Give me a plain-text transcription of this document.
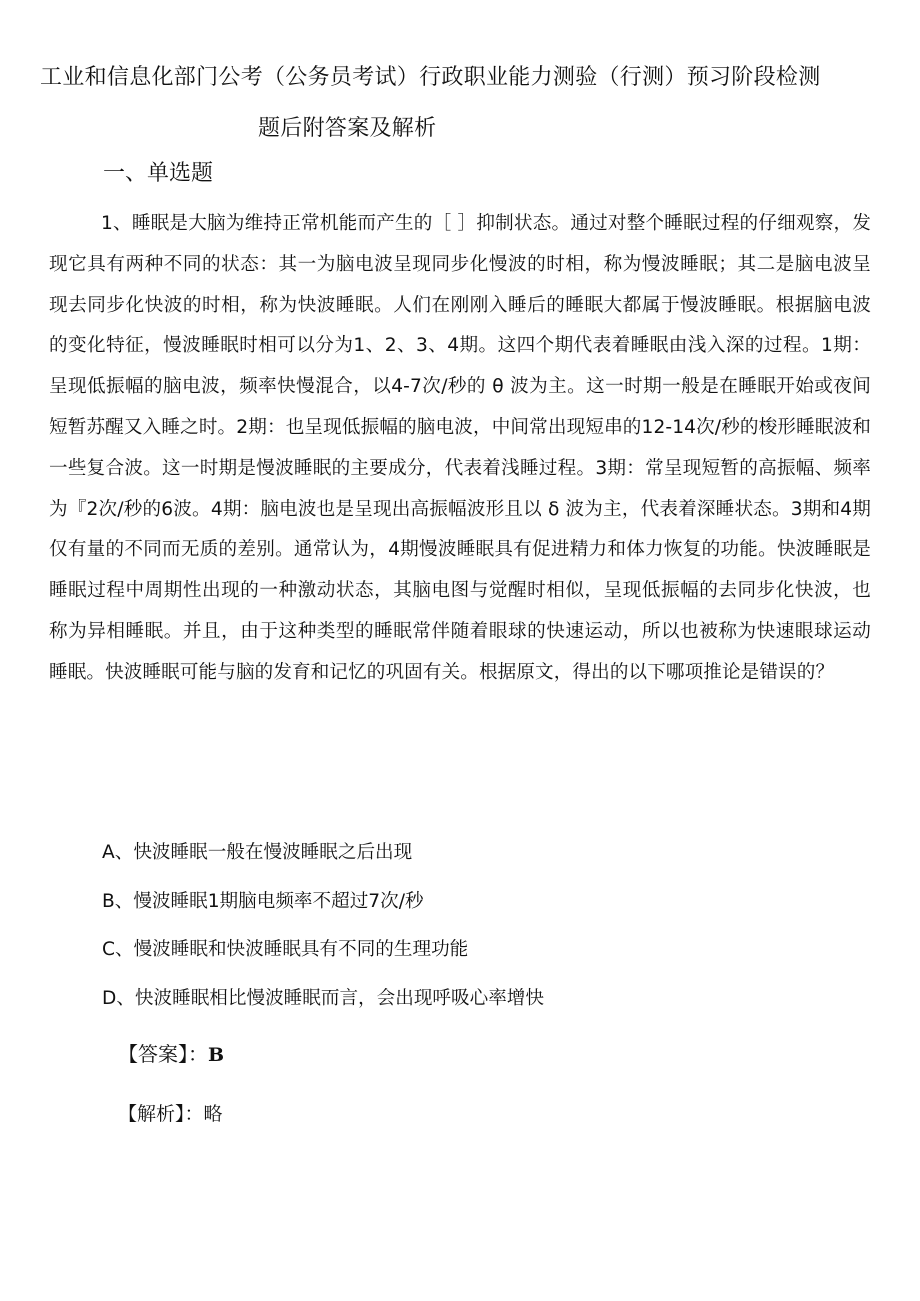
工业和信息化部门公考（公务员考试）行政职业能力测验（行测）预习阶段检测
题后附答案及解析
一、单选题

1、睡眠是大脑为维持正常机能而产生的［ ］抑制状态。通过对整个睡眠过程的仔细观察，发现它具有两种不同的状态：其一为脑电波呈现同步化慢波的时相，称为慢波睡眠；其二是脑电波呈现去同步化快波的时相，称为快波睡眠。人们在刚刚入睡后的睡眠大都属于慢波睡眠。根据脑电波的变化特征，慢波睡眠时相可以分为1、2、3、4期。这四个期代表着睡眠由浅入深的过程。1期：呈现低振幅的脑电波，频率快慢混合，以4-7次/秒的 θ 波为主。这一时期一般是在睡眠开始或夜间短暂苏醒又入睡之时。2期：也呈现低振幅的脑电波，中间常出现短串的12-14次/秒的梭形睡眠波和一些复合波。这一时期是慢波睡眠的主要成分，代表着浅睡过程。3期：常呈现短暂的高振幅、频率为『2次/秒的6波。4期：脑电波也是呈现出高振幅波形且以 δ 波为主，代表着深睡状态。3期和4期仅有量的不同而无质的差别。通常认为，4期慢波睡眠具有促进精力和体力恢复的功能。快波睡眠是睡眠过程中周期性出现的一种激动状态，其脑电图与觉醒时相似，呈现低振幅的去同步化快波，也称为异相睡眠。并且，由于这种类型的睡眠常伴随着眼球的快速运动，所以也被称为快速眼球运动睡眠。快波睡眠可能与脑的发育和记忆的巩固有关。根据原文，得出的以下哪项推论是错误的？

A、快波睡眠一般在慢波睡眠之后出现
B、慢波睡眠1期脑电频率不超过7次/秒
C、慢波睡眠和快波睡眠具有不同的生理功能
D、快波睡眠相比慢波睡眠而言，会出现呼吸心率增快
【答案】：B
【解析】：略
